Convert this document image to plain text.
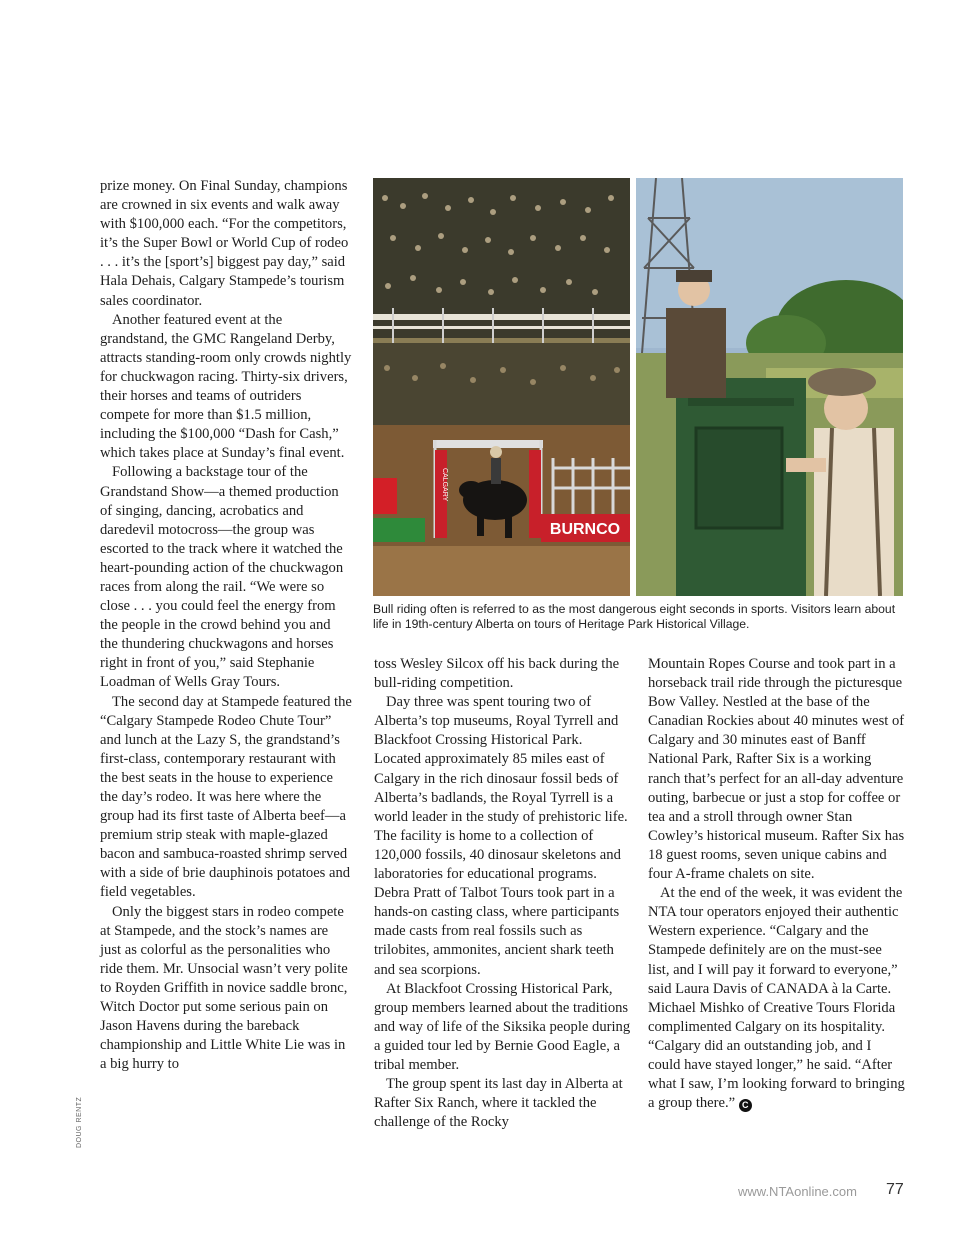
prize money. On Final Sunday, champions are crowned in six events and walk away with $100,000 each. “For the competitors, it’s the Super Bowl or World Cup of rodeo . . . it’s the [sport’s] biggest pay day,” said Hala Dehais, Calgary Stampede’s tourism sales coordinator.

Another featured event at the grandstand, the GMC Rangeland Derby, attracts standing-room only crowds nightly for chuckwagon racing. Thirty-six drivers, their horses and teams of outriders compete for more than $1.5 million, including the $100,000 “Dash for Cash,” which takes place at Sunday’s final event.

Following a backstage tour of the Grandstand Show—a themed production of singing, dancing, acrobatics and daredevil motocross—the group was escorted to the track where it watched the heart-pounding action of the chuckwagon races from along the rail. “We were so close . . . you could feel the energy from the people in the crowd behind you and the thundering chuckwagons and horses right in front of you,” said Stephanie Loadman of Wells Gray Tours.

The second day at Stampede featured the “Calgary Stampede Rodeo Chute Tour” and lunch at the Lazy S, the grandstand’s first-class, contemporary restaurant with the best seats in the house to experience the day’s rodeo. It was here where the group had its first taste of Alberta beef—a premium strip steak with maple-glazed bacon and sambuca-roasted shrimp served with a side of brie dauphinois potatoes and field vegetables.

Only the biggest stars in rodeo compete at Stampede, and the stock’s names are just as colorful as the personalities who ride them. Mr. Unsocial wasn’t very polite to Royden Griffith in novice saddle bronc, Witch Doctor put some serious pain on Jason Havens during the bareback championship and Little White Lie was in a big hurry to

CALGARY
BURNCO
Bull riding often is referred to as the most dangerous eight seconds in sports. Visitors learn about life in 19th-century Alberta on tours of Heritage Park Historical Village.
DOUG RENTZ

toss Wesley Silcox off his back during the bull-riding competition.

Day three was spent touring two of Alberta’s top museums, Royal Tyrrell and Blackfoot Crossing Historical Park. Located approximately 85 miles east of Calgary in the rich dinosaur fossil beds of Alberta’s badlands, the Royal Tyrrell is a world leader in the study of prehistoric life. The facility is home to a collection of 120,000 fossils, 40 dinosaur skeletons and laboratories for educational programs. Debra Pratt of Talbot Tours took part in a hands-on casting class, where participants made casts from real fossils such as trilobites, ammonites, ancient shark teeth and sea scorpions.

At Blackfoot Crossing Historical Park, group members learned about the traditions and way of life of the Siksika people during a guided tour led by Bernie Good Eagle, a tribal member.

The group spent its last day in Alberta at Rafter Six Ranch, where it tackled the challenge of the Rocky

Mountain Ropes Course and took part in a horseback trail ride through the picturesque Bow Valley. Nestled at the base of the Canadian Rockies about 40 minutes west of Calgary and 30 minutes east of Banff National Park, Rafter Six is a working ranch that’s perfect for an all-day adventure outing, barbecue or just a stop for coffee or tea and a stroll through owner Stan Cowley’s historical museum. Rafter Six has 18 guest rooms, seven unique cabins and four A-frame chalets on site.

At the end of the week, it was evident the NTA tour operators enjoyed their authentic Western experience. “Calgary and the Stampede definitely are on the must-see list, and I will pay it forward to everyone,” said Laura Davis of CANADA à la Carte. Michael Mishko of Creative Tours Florida complimented Calgary on its hospitality. “Calgary did an outstanding job, and I could have stayed longer,” he said. “After what I saw, I’m looking forward to bringing a group there.” C

www.NTAonline.com 77
